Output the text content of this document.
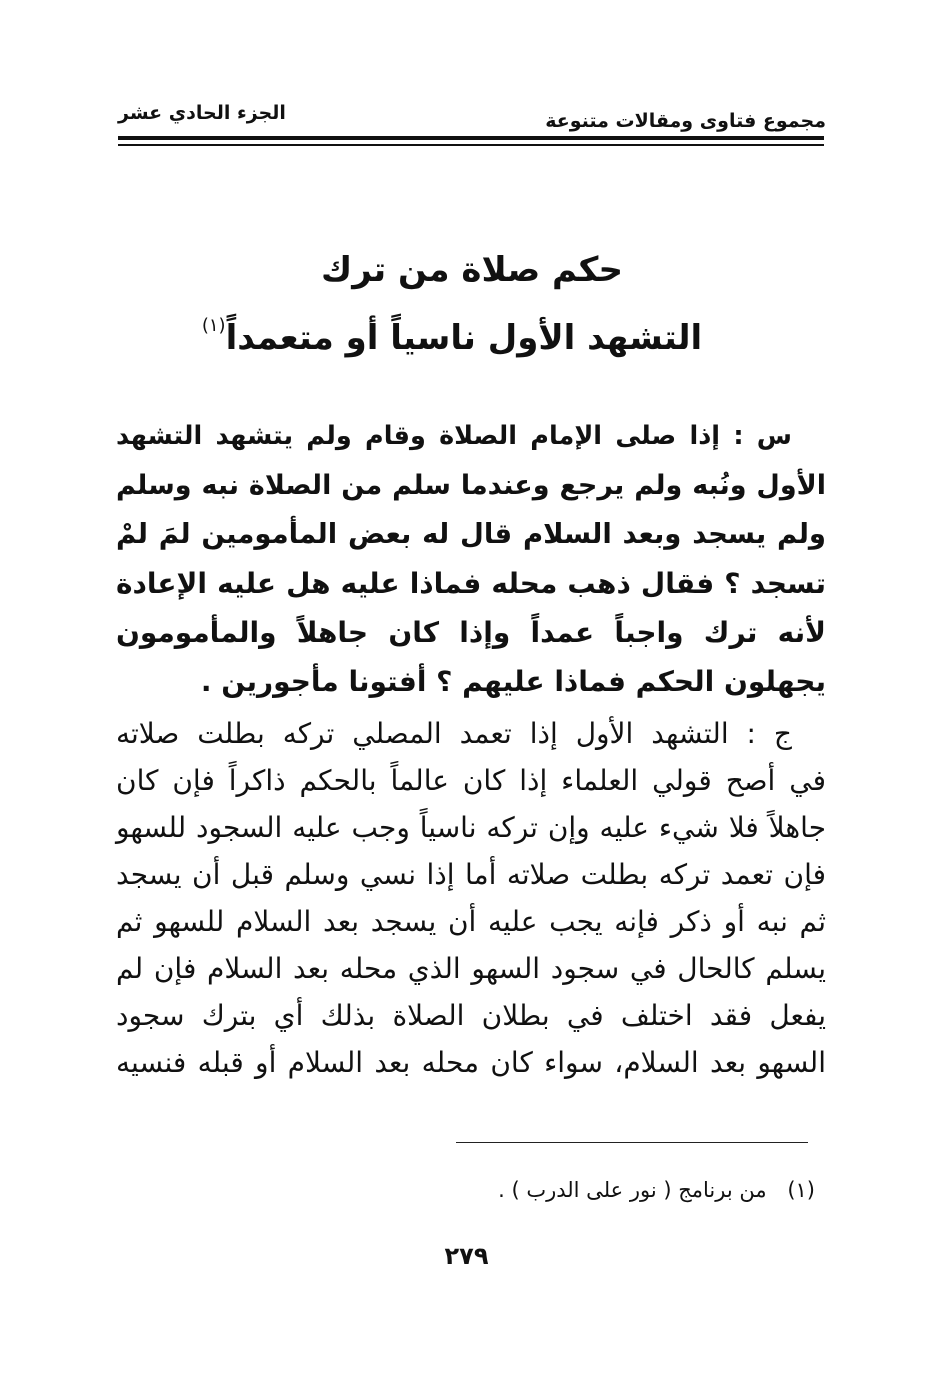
مجموع فتاوى ومقالات متنوعة
الجزء الحادي عشر
حكم صلاة من ترك
التشهد الأول ناسياً أو متعمداً$^{(١)}$
س : إذا صلى الإمام الصلاة وقام ولم يتشهد التشهد
الأول ونُبه ولم يرجع وعندما سلم من الصلاة نبه وسلم
ولم يسجد وبعد السلام قال له بعض المأمومين لمَ لمْ
تسجد ؟ فقال ذهب محله فماذا عليه هل عليه الإعادة
لأنه ترك واجباً عمداً وإذا كان جاهلاً والمأمومون
يجهلون الحكم فماذا عليهم ؟ أفتونا مأجورين .
ج : التشهد الأول إذا تعمد المصلي تركه بطلت صلاته
في أصح قولي العلماء إذا كان عالماً بالحكم ذاكراً فإن كان
جاهلاً فلا شيء عليه وإن تركه ناسياً وجب عليه السجود للسهو
فإن تعمد تركه بطلت صلاته أما إذا نسي وسلم قبل أن يسجد
ثم نبه أو ذكر فإنه يجب عليه أن يسجد بعد السلام للسهو ثم
يسلم كالحال في سجود السهو الذي محله بعد السلام فإن لم
يفعل فقد اختلف في بطلان الصلاة بذلك أي بترك سجود
السهو بعد السلام، سواء كان محله بعد السلام أو قبله فنسيه
(١) من برنامج ( نور على الدرب ) .
٢٧٩
